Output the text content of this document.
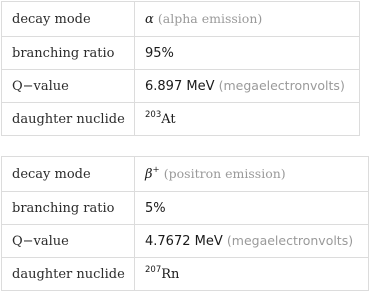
decay mode	α (alpha emission)
branching ratio	95%
Q−value	6.897 MeV (megaelectronvolts)
daughter nuclide	$^{203}$At
decay mode	β+ (positron emission)
branching ratio	5%
Q−value	4.7672 MeV (megaelectronvolts)
daughter nuclide	$^{207}$Rn
